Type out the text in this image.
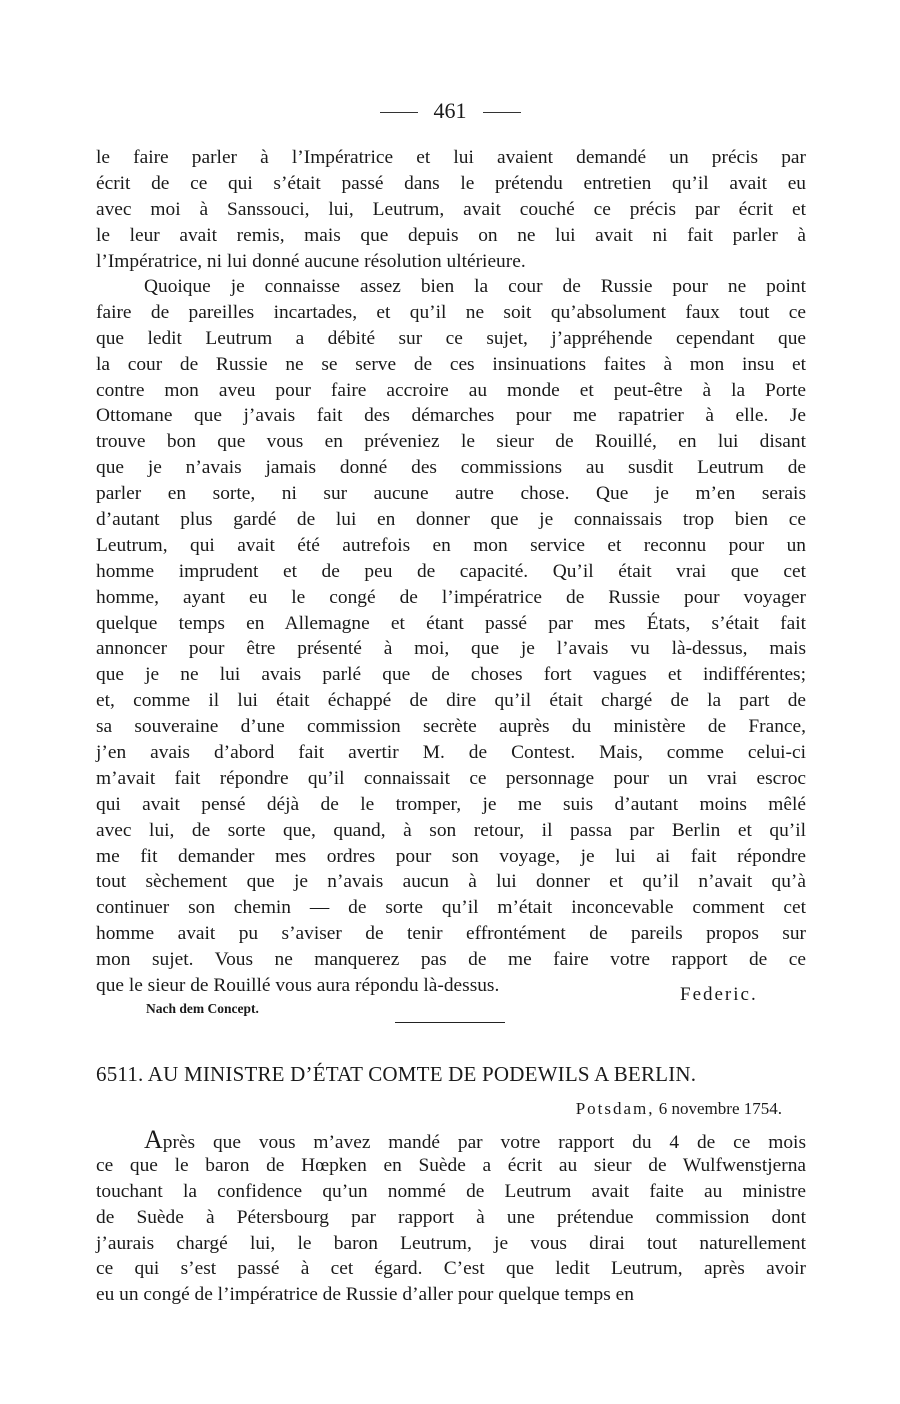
461
le faire parler à l’Impératrice et lui avaient demandé un précis par
écrit de ce qui s’était passé dans le prétendu entretien qu’il avait eu
avec moi à Sanssouci, lui, Leutrum, avait couché ce précis par écrit et
le leur avait remis, mais que depuis on ne lui avait ni fait parler à
l’Impératrice, ni lui donné aucune résolution ultérieure.
Quoique je connaisse assez bien la cour de Russie pour ne point
faire de pareilles incartades, et qu’il ne soit qu’absolument faux tout ce
que ledit Leutrum a débité sur ce sujet, j’appréhende cependant que
la cour de Russie ne se serve de ces insinuations faites à mon insu et
contre mon aveu pour faire accroire au monde et peut-être à la Porte
Ottomane que j’avais fait des démarches pour me rapatrier à elle. Je
trouve bon que vous en préveniez le sieur de Rouillé, en lui disant
que je n’avais jamais donné des commissions au susdit Leutrum de
parler en sorte, ni sur aucune autre chose. Que je m’en serais
d’autant plus gardé de lui en donner que je connaissais trop bien ce
Leutrum, qui avait été autrefois en mon service et reconnu pour un
homme imprudent et de peu de capacité. Qu’il était vrai que cet
homme, ayant eu le congé de l’impératrice de Russie pour voyager
quelque temps en Allemagne et étant passé par mes États, s’était fait
annoncer pour être présenté à moi, que je l’avais vu là-dessus, mais
que je ne lui avais parlé que de choses fort vagues et indifférentes;
et, comme il lui était échappé de dire qu’il était chargé de la part de
sa souveraine d’une commission secrète auprès du ministère de France,
j’en avais d’abord fait avertir M. de Contest. Mais, comme celui-ci
m’avait fait répondre qu’il connaissait ce personnage pour un vrai escroc
qui avait pensé déjà de le tromper, je me suis d’autant moins mêlé
avec lui, de sorte que, quand, à son retour, il passa par Berlin et qu’il
me fit demander mes ordres pour son voyage, je lui ai fait répondre
tout sèchement que je n’avais aucun à lui donner et qu’il n’avait qu’à
continuer son chemin — de sorte qu’il m’était inconcevable comment cet
homme avait pu s’aviser de tenir effrontément de pareils propos sur
mon sujet. Vous ne manquerez pas de me faire votre rapport de ce
que le sieur de Rouillé vous aura répondu là-dessus.	Federic.
Nach dem Concept.
6511. AU MINISTRE D’ÉTAT COMTE DE PODEWILS A BERLIN.
Potsdam, 6 novembre 1754.
Après que vous m’avez mandé par votre rapport du 4 de ce mois
ce que le baron de Hœpken en Suède a écrit au sieur de Wulfwenstjerna
touchant la confidence qu’un nommé de Leutrum avait faite au ministre
de Suède à Pétersbourg par rapport à une prétendue commission dont
j’aurais chargé lui, le baron Leutrum, je vous dirai tout naturellement
ce qui s’est passé à cet égard. C’est que ledit Leutrum, après avoir
eu un congé de l’impératrice de Russie d’aller pour quelque temps en
